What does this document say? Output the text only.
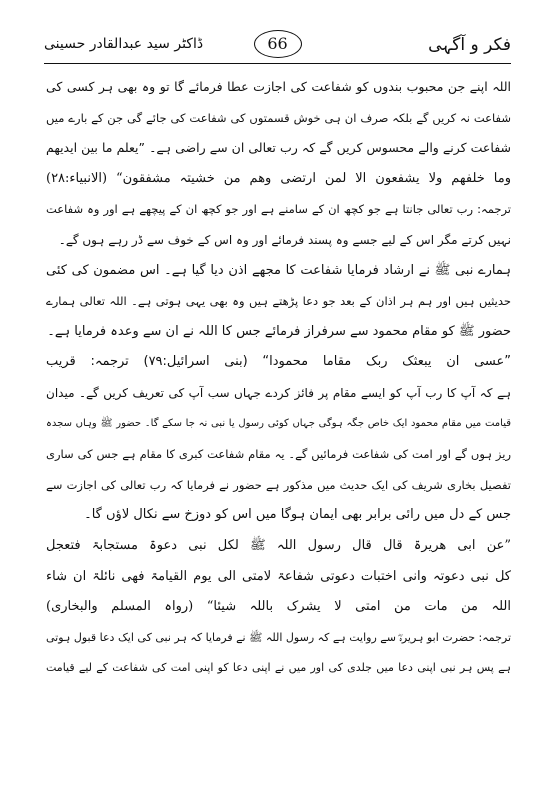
فکر و آگہی
66
ڈاکٹر سید عبدالقادر حسینی
اللہ اپنے جن محبوب بندوں کو شفاعت کی اجازت عطا فرمائے گا تو وہ بھی ہر کسی کی
شفاعت نہ کریں گے بلکہ صرف ان ہی خوش قسمتوں کی شفاعت کی جائے گی جن کے بارے میں
شفاعت کرنے والے محسوس کریں گے کہ رب تعالی ان سے راضی ہے۔ ”یعلم ما بین ایدیھم
وما خلفھم ولا یشفعون الا لمن ارتضی وھم من خشیتہ مشفقون“ (الانبیاء:۲۸)
ترجمہ: رب تعالی جانتا ہے جو کچھ ان کے سامنے ہے اور جو کچھ ان کے پیچھے ہے اور وہ شفاعت
نہیں کرتے مگر اس کے لیے جسے وہ پسند فرمائے اور وہ اس کے خوف سے ڈر رہے ہوں گے۔
ہمارے نبی ﷺ نے ارشاد فرمایا شفاعت کا مجھے اذن دیا گیا ہے۔ اس مضمون کی کئی
حدیثیں ہیں اور ہم ہر اذان کے بعد جو دعا پڑھتے ہیں وہ بھی یہی ہوتی ہے۔ اللہ تعالی ہمارے
حضور ﷺ کو مقام محمود سے سرفراز فرمائے جس کا اللہ نے ان سے وعدہ فرمایا ہے۔
”عسی ان یبعثک ربک مقاما محمودا“ (بنی اسرائیل:۷۹) ترجمہ: قریب
ہے کہ آپ کا رب آپ کو ایسے مقام پر فائز کردے جہاں سب آپ کی تعریف کریں گے۔ میدان
قیامت میں مقام محمود ایک خاص جگہ ہوگی جہاں کوئی رسول یا نبی نہ جا سکے گا۔ حضور ﷺ وہاں سجدہ
ریز ہوں گے اور امت کی شفاعت فرمائیں گے۔ یہ مقام شفاعت کبری کا مقام ہے جس کی ساری
تفصیل بخاری شریف کی ایک حدیث میں مذکور ہے حضور نے فرمایا کہ رب تعالی کی اجازت سے
جس کے دل میں رائی برابر بھی ایمان ہوگا میں اس کو دوزخ سے نکال لاؤں گا۔
”عن ابی ھریرۃ قال قال رسول اللہ ﷺ لکل نبی دعوۃ مستجابۃ فتعجل
کل نبی دعوتہ وانی اختبات دعوتی شفاعۃ لامتی الی یوم القیامۃ فھی نائلۃ ان شاء
اللہ من مات من امتی لا یشرک باللہ شیئا“ (رواہ المسلم والبخاری)
ترجمہ: حضرت ابو ہریرہؓ سے روایت ہے کہ رسول اللہ ﷺ نے فرمایا کہ ہر نبی کی ایک دعا قبول ہوتی
ہے پس ہر نبی اپنی دعا میں جلدی کی اور میں نے اپنی دعا کو اپنی امت کی شفاعت کے لیے قیامت
